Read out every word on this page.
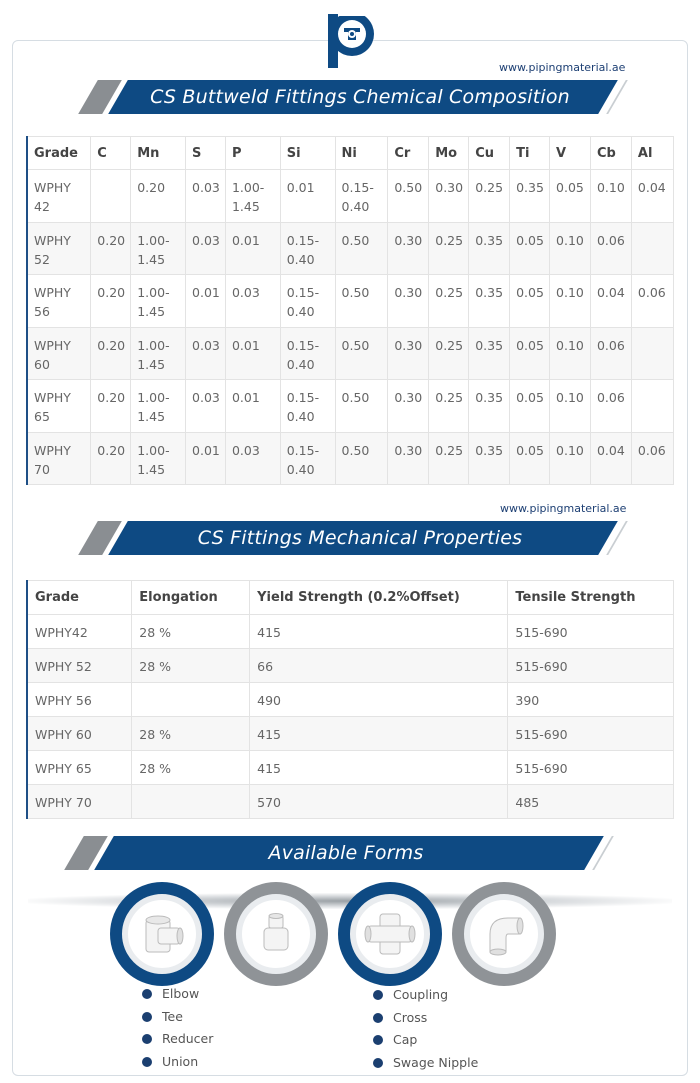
www.pipingmaterial.ae
CS Buttweld Fittings Chemical Composition
Grade	C	Mn	S	P	Si	Ni	Cr	Mo	Cu	Ti	V	Cb	Al
WPHY 42		0.20	0.03	1.00-1.45	0.01	0.15-0.40	0.50	0.30	0.25	0.35	0.05	0.10	0.04
WPHY 52	0.20	1.00-1.45	0.03	0.01	0.15-0.40	0.50	0.30	0.25	0.35	0.05	0.10	0.06	
WPHY 56	0.20	1.00-1.45	0.01	0.03	0.15-0.40	0.50	0.30	0.25	0.35	0.05	0.10	0.04	0.06
WPHY 60	0.20	1.00-1.45	0.03	0.01	0.15-0.40	0.50	0.30	0.25	0.35	0.05	0.10	0.06	
WPHY 65	0.20	1.00-1.45	0.03	0.01	0.15-0.40	0.50	0.30	0.25	0.35	0.05	0.10	0.06	
WPHY 70	0.20	1.00-1.45	0.01	0.03	0.15-0.40	0.50	0.30	0.25	0.35	0.05	0.10	0.04	0.06
www.pipingmaterial.ae
CS Fittings Mechanical Properties
Grade	Elongation	Yield Strength (0.2%Offset)	Tensile Strength
WPHY42	28 %	415	515-690
WPHY 52	28 %	66	515-690
WPHY 56		490	390
WPHY 60	28 %	415	515-690
WPHY 65	28 %	415	515-690
WPHY 70		570	485
Available Forms
Elbow
Tee
Reducer
Union
Coupling
Cross
Cap
Swage Nipple
